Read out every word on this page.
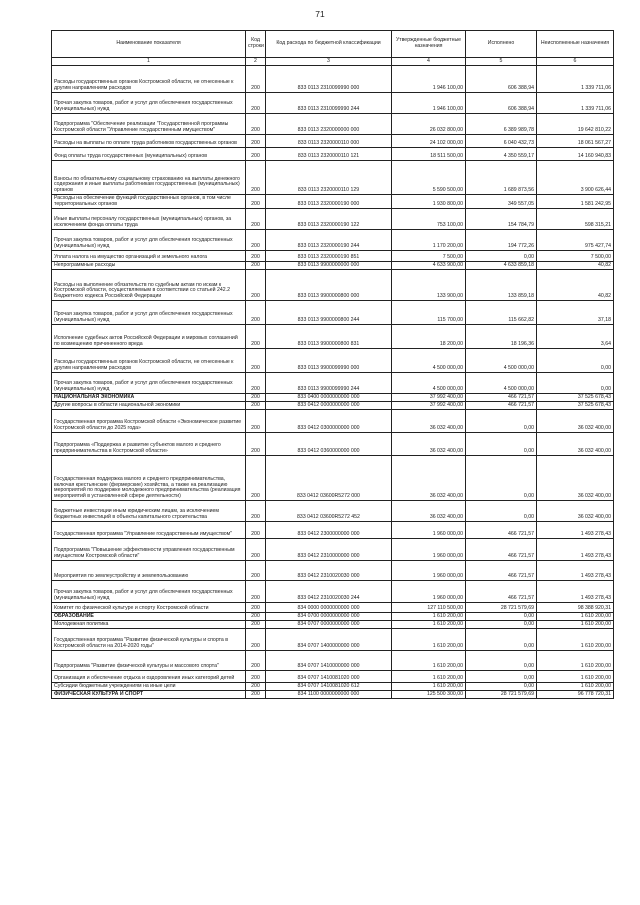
71
Наименование показателя	Код строки	Код расхода по бюджетной классификации	Утвержденные бюджетные назначения	Исполнено	Неисполненные назначения
1	2	3	4	5	6
Расходы государственных органов Костромской области, не отнесенные к другим направлениям расходов	200	833 0113 2310099990 000	1 946 100,00	606 388,94	1 339 711,06
Прочая закупка товаров, работ и услуг для обеспечения государственных (муниципальных) нужд	200	833 0113 2310099990 244	1 946 100,00	606 388,94	1 339 711,06
Подпрограмма "Обеспечение реализации "Государственной программы Костромской области "Управление государственным имуществом"	200	833 0113 2320000000 000	26 032 800,00	6 389 989,78	19 642 810,22
Расходы на выплаты по оплате труда работников государственных органов	200	833 0113 2320000110 000	24 102 000,00	6 040 432,73	18 061 567,27
Фонд оплаты труда государственных (муниципальных) органов	200	833 0113 2320000110 121	18 511 500,00	4 350 559,17	14 160 940,83
Взносы по обязательному социальному страхованию на выплаты денежного содержания и иные выплаты работникам государственных (муниципальных) органов	200	833 0113 2320000110 129	5 590 500,00	1 689 873,56	3 900 626,44
Расходы на обеспечение функций государственных органов, в том числе территориальных органов	200	833 0113 2320000190 000	1 930 800,00	349 557,05	1 581 242,95
Иные выплаты персоналу государственных (муниципальных) органов, за исключением фонда оплаты труда	200	833 0113 2320000190 122	753 100,00	154 784,79	598 315,21
Прочая закупка товаров, работ и услуг для обеспечения государственных (муниципальных) нужд	200	833 0113 2320000190 244	1 170 200,00	194 772,26	975 427,74
Уплата налога на имущество организаций и земельного налога	200	833 0113 2320000190 851	7 500,00	0,00	7 500,00
Непрограммные расходы	200	833 0113 9900000000 000	4 633 900,00	4 633 859,18	40,82
Расходы на выполнение обязательств по судебным актам по искам к Костромской области, осуществляемым в соответствии со статьей 242.2 Бюджетного кодекса Российской Федерации	200	833 0113 9900000800 000	133 900,00	133 859,18	40,82
Прочая закупка товаров, работ и услуг для обеспечения государственных (муниципальных) нужд	200	833 0113 9900000800 244	115 700,00	115 662,82	37,18
Исполнение судебных актов Российской Федерации и мировых соглашений по возмещению причиненного вреда	200	833 0113 9900000800 831	18 200,00	18 196,36	3,64
Расходы государственных органов Костромской области, не отнесенные к другим направлениям расходов	200	833 0113 9900099990 000	4 500 000,00	4 500 000,00	0,00
Прочая закупка товаров, работ и услуг для обеспечения государственных (муниципальных) нужд	200	833 0113 9900099990 244	4 500 000,00	4 500 000,00	0,00
НАЦИОНАЛЬНАЯ ЭКОНОМИКА	200	833 0400 0000000000 000	37 992 400,00	466 721,57	37 525 678,43
Другие вопросы в области национальной экономики	200	833 0412 0000000000 000	37 992 400,00	466 721,57	37 525 678,43
Государственная программа Костромской области «Экономическое развитие Костромской области до 2025 года»	200	833 0412 0300000000 000	36 032 400,00	0,00	36 032 400,00
Подпрограмма «Поддержка и развитие субъектов малого и среднего предпринимательства в Костромской области»	200	833 0412 0360000000 000	36 032 400,00	0,00	36 032 400,00
Государственная поддержка малого и среднего предпринимательства, включая крестьянские (фермерские) хозяйства, а также на реализацию мероприятий по поддержке молодежного предпринимательства (реализация мероприятий в установленной сфере деятельности)	200	833 0412 03600R5272 000	36 032 400,00	0,00	36 032 400,00
Бюджетные инвестиции иным юридическим лицам, за исключением бюджетных инвестиций в объекты капитального строительства	200	833 0412 03600R5272 452	36 032 400,00	0,00	36 032 400,00
Государственная программа "Управление государственным имуществом"	200	833 0412 2300000000 000	1 960 000,00	466 721,57	1 493 278,43
Подпрограмма "Повышение эффективности управления государственным имуществом Костромской области"	200	833 0412 2310000000 000	1 960 000,00	466 721,57	1 493 278,43
Мероприятия по землеустройству и землепользованию	200	833 0412 2310020030 000	1 960 000,00	466 721,57	1 493 278,43
Прочая закупка товаров, работ и услуг для обеспечения государственных (муниципальных) нужд	200	833 0412 2310020030 244	1 960 000,00	466 721,57	1 493 278,43
Комитет по физической культуре и спорту Костромской области	200	834 0000 0000000000 000	127 110 500,00	28 721 579,69	98 388 920,31
ОБРАЗОВАНИЕ	200	834 0700 0000000000 000	1 610 200,00	0,00	1 610 200,00
Молодежная политика	200	834 0707 0000000000 000	1 610 200,00	0,00	1 610 200,00
Государственная программа "Развитие физической культуры и спорта в Костромской области на 2014-2020 годы"	200	834 0707 1400000000 000	1 610 200,00	0,00	1 610 200,00
Подпрограмма "Развитие физической культуры и массового спорта"	200	834 0707 1410000000 000	1 610 200,00	0,00	1 610 200,00
Организация и обеспечение отдыха и оздоровления иных категорий детей	200	834 0707 1410081020 000	1 610 200,00	0,00	1 610 200,00
Субсидии бюджетным учреждениям на иные цели	200	834 0707 1410081020 612	1 610 200,00	0,00	1 610 200,00
ФИЗИЧЕСКАЯ КУЛЬТУРА И СПОРТ	200	834 1100 0000000000 000	125 500 300,00	28 721 579,69	96 778 720,31
